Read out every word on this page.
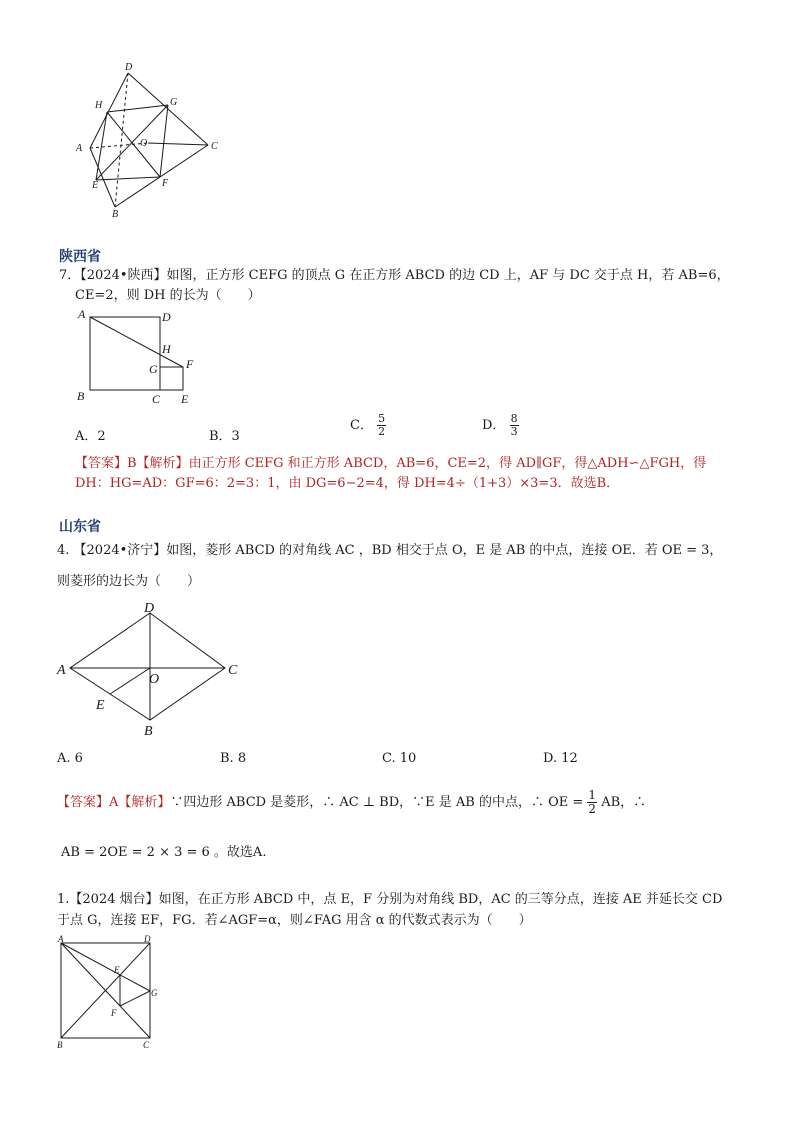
D
H	G
A	O	C
E	F
B
陕西省
7．【2024•陕西】如图，正方形 CEFG 的顶点 G 在正方形 ABCD 的边 CD 上，AF 与 DC 交于点 H，若 AB=6，
CE=2，则 DH 的长为（　　）
A	D
H
G F
B	C E
A．2	B．3
C． $\frac{5}{2}$	D． $\frac{8}{3}$
【答案】B【解析】由正方形 CEFG 和正方形 ABCD，AB=6，CE=2，得 AD∥GF，得△ADH∽△FGH，得
DH：HG=AD：GF=6：2=3：1，由 DG=6−2=4，得 DH=4÷（1+3）×3=3．故选B．
山东省
4. 【2024•济宁】如图，菱形 ABCD 的对角线 AC ，BD 相交于点 O，E 是 AB 的中点，连接 OE．若 OE = 3，
则菱形的边长为（　　）
D
A
O
C
E
B
A. 6	B. 8	C. 10	D. 12
【答案】A【解析】∵四边形 ABCD 是菱形，∴ AC ⊥ BD，∵E 是 AB 的中点，∴ OE = $\frac{1}{2}$ AB，∴
AB = 2OE = 2 × 3 = 6 。故选A.
1.【2024 烟台】如图，在正方形 ABCD 中，点 E，F 分别为对角线 BD，AC 的三等分点，连接 AE 并延长交 CD
于点 G，连接 EF，FG．若∠AGF=α，则∠FAG 用含 α 的代数式表示为（　　）
A	D
E
G
F
B	C
